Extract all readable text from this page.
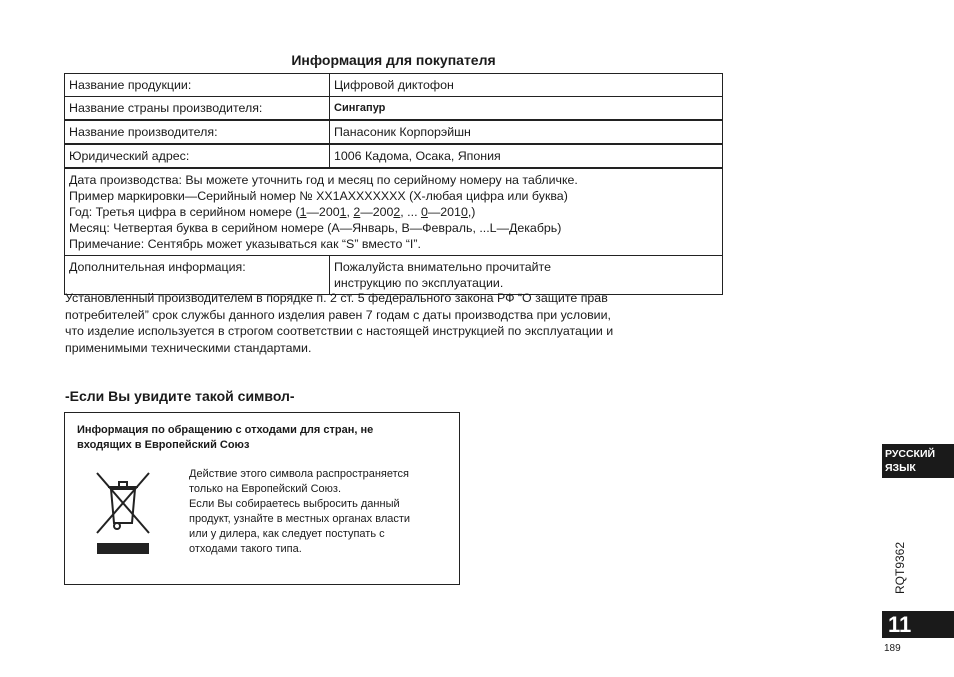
Информация для покупателя
Название продукции:	Цифровой диктофон
Название страны производителя:	Сингапур
Название производителя:	Панасоник Корпорэйшн
Юридический адрес:	1006 Кадома, Осака, Япония

Дата производства: Вы можете уточнить год и месяц по серийному номеру на табличке.
Пример маркировки—Серийный номер № XX1AXXXXXXX (X-любая цифра или буква)
Год: Третья цифра в серийном номере (1—2001, 2—2002, ... 0—2010,)
Месяц: Четвертая буква в серийном номере (A—Январь, B—Февраль, ...L—Декабрь)
Примечание: Сентябрь может указываться как “S” вместо “I”.	

Дополнительная информация:	Пожалуйста внимательно прочитайте
инструкцию по эксплуатации.
Установленный производителем в порядке п. 2 ст. 5 федерального закона РФ “О защите прав
потребителей” срок службы данного изделия равен 7 годам с даты производства при условии,
что изделие используется в строгом соответствии с настоящей инструкцией по эксплуатации и
применимыми техническими стандартами.
-Если Вы увидите такой символ-
Информация по обращению с отходами для стран, не
входящих в Европейский Союз
Действие этого символа распространяется
только на Европейский Союз.
Если Вы собираетесь выбросить данный
продукт, узнайте в местных органах власти
или у дилера, как следует поступать с
отходами такого типа.
РУССКИЙ
ЯЗЫК
RQT9362
11
189
